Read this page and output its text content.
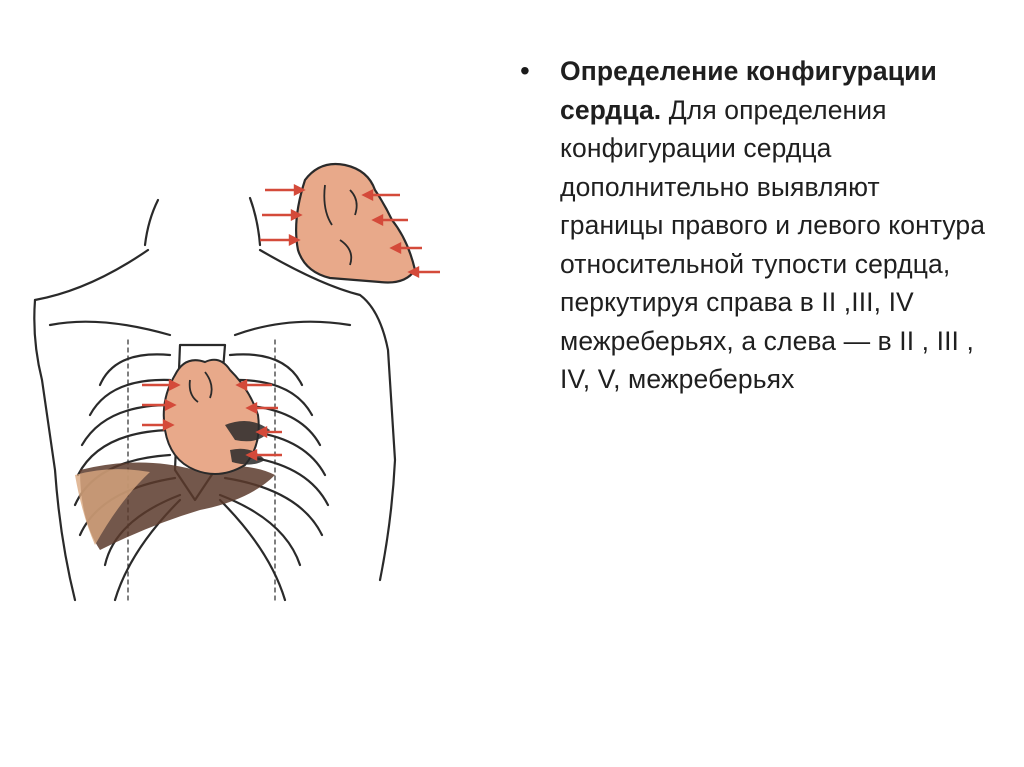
•	Определение конфигурации сердца. Для определения конфигурации сердца дополнительно выявляют границы правого и левого контура относительной тупости сердца, перкутируя справа в II ,III, IV межреберьях, а слева — в II , III , IV, V, межреберьях
